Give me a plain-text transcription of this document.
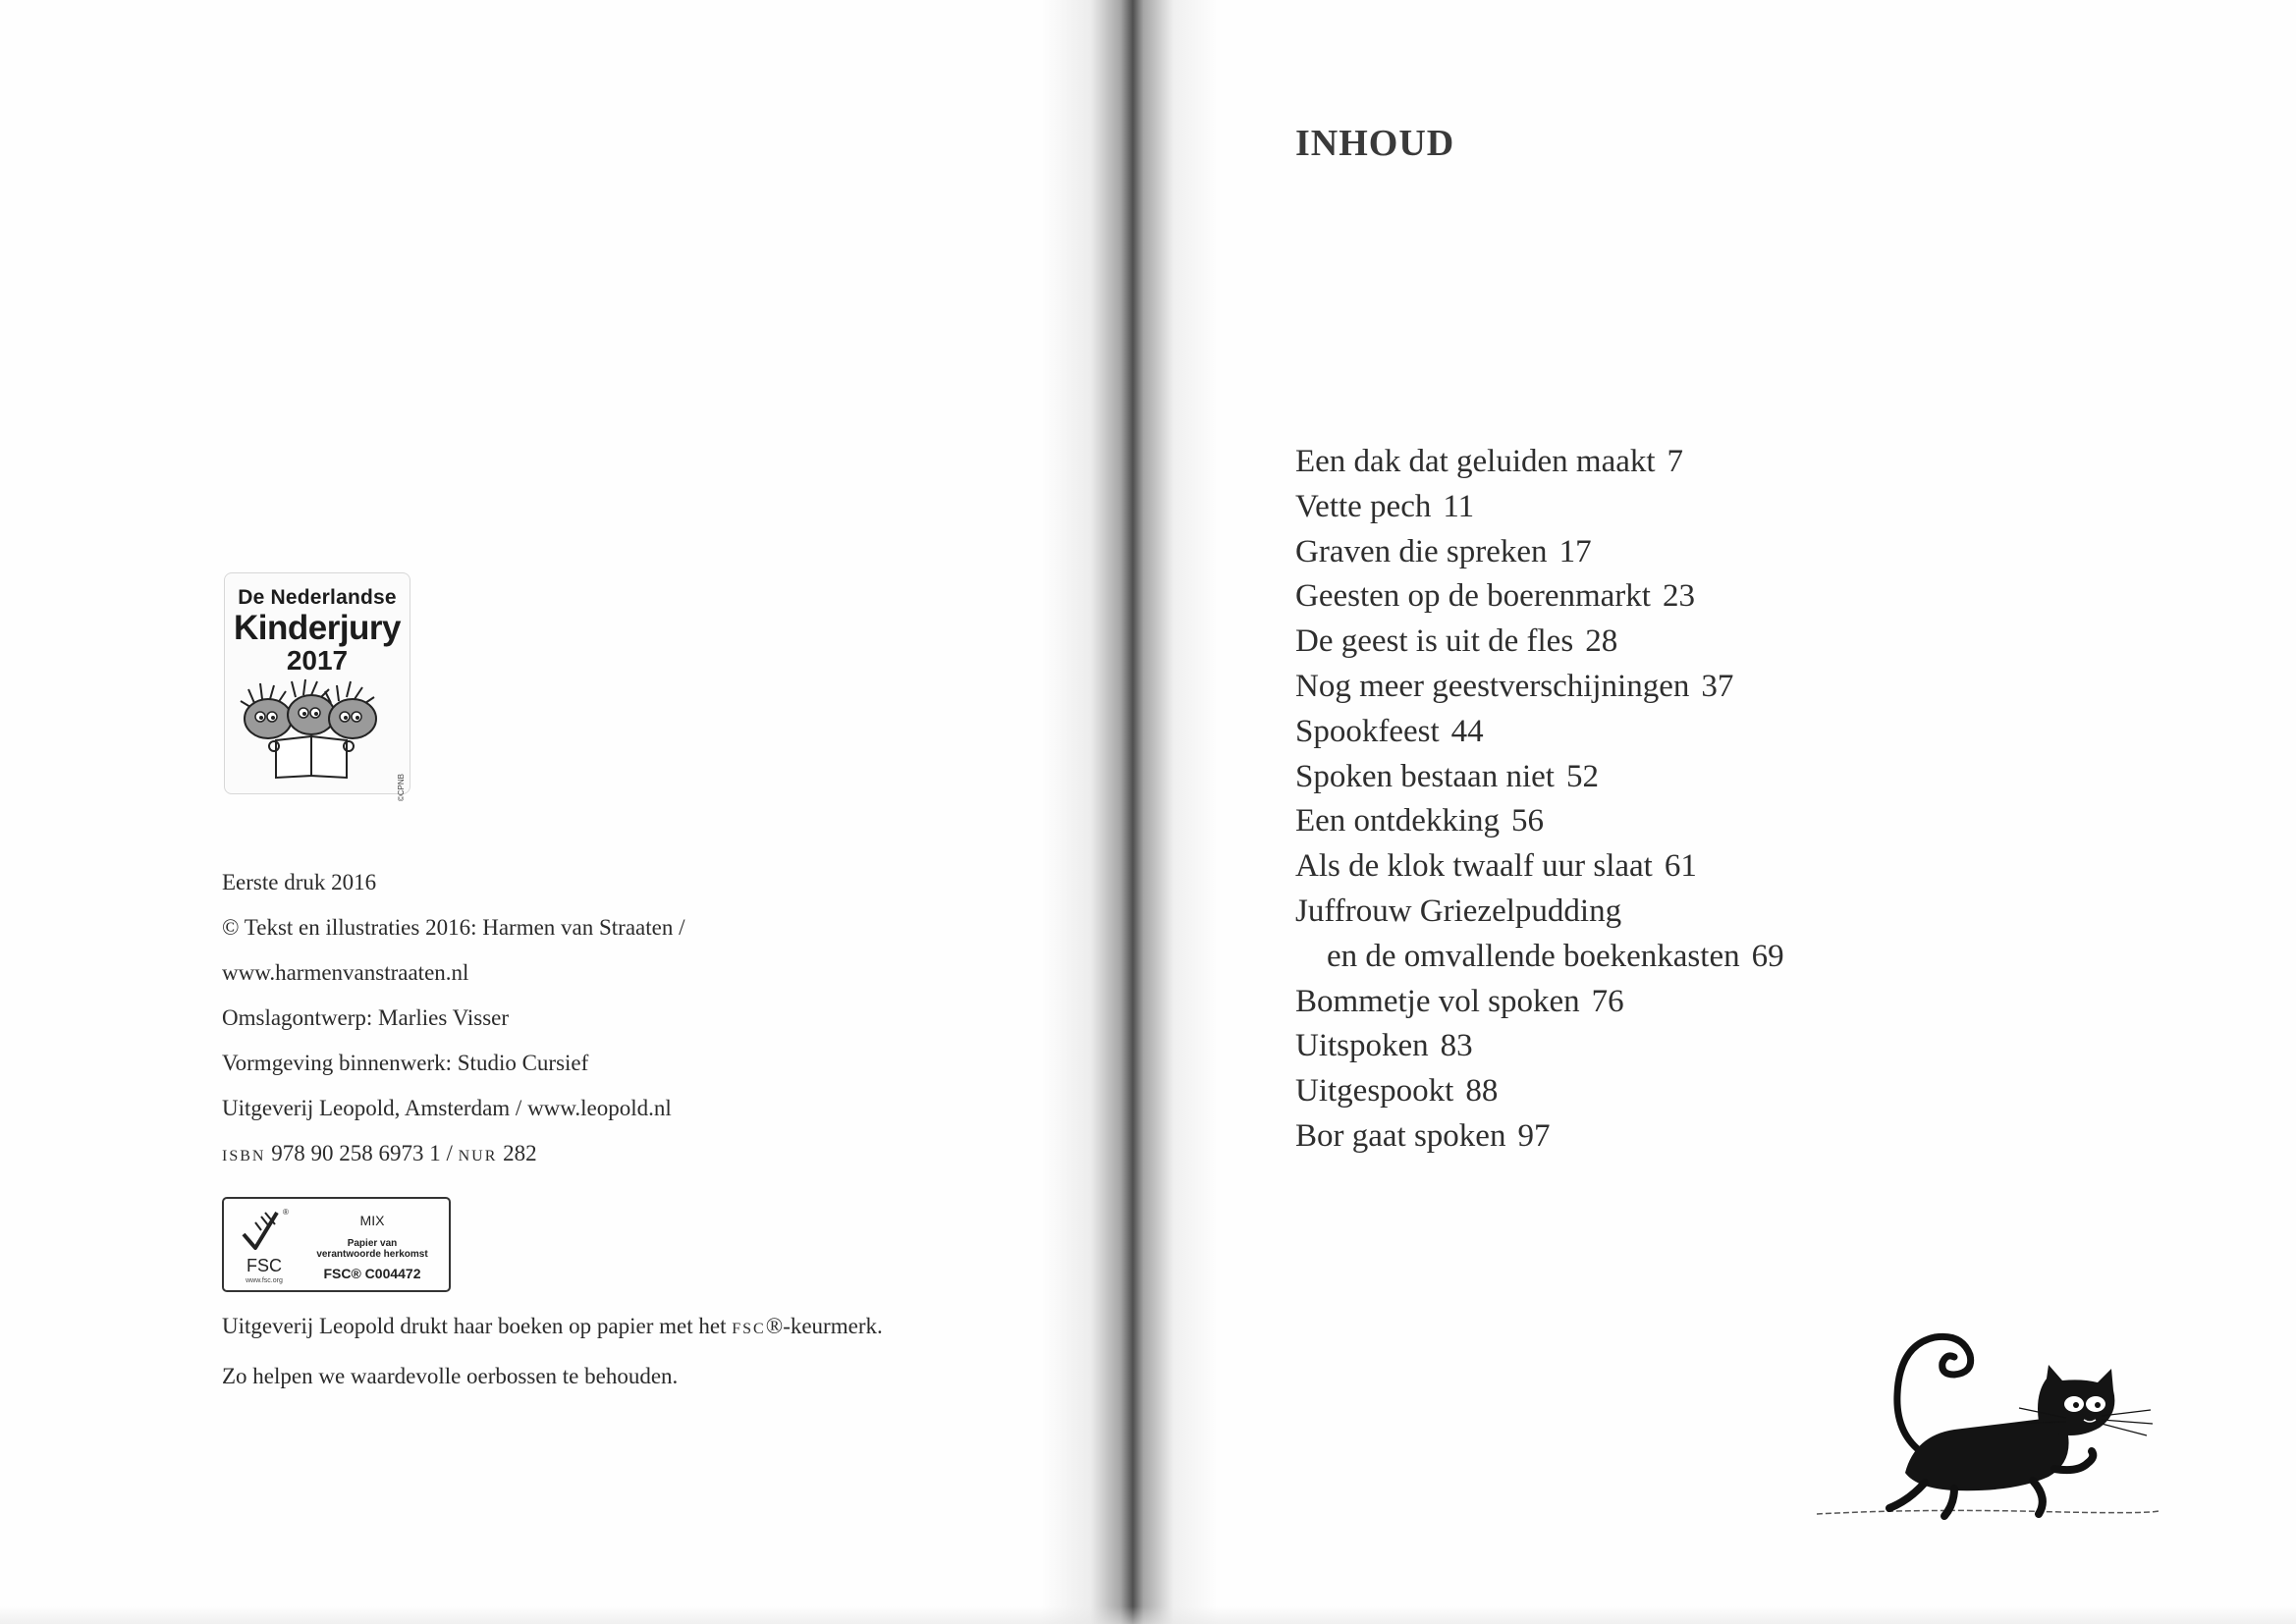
De Nederlandse
Kinderjury
2017
©CPNB
Eerste druk 2016
© Tekst en illustraties 2016: Harmen van Straaten /
www.harmenvanstraaten.nl
Omslagontwerp: Marlies Visser
Vormgeving binnenwerk: Studio Cursief
Uitgeverij Leopold, Amsterdam / www.leopold.nl
ISBN 978 90 258 6973 1 / NUR 282
®
FSC
www.fsc.org
MIX
Papier van
verantwoorde herkomst
FSC® C004472
Uitgeverij Leopold drukt haar boeken op papier met het FSC®-keurmerk.
Zo helpen we waardevolle oerbossen te behouden.
INHOUD
Een dak dat geluiden maakt 7
Vette pech 11
Graven die spreken 17
Geesten op de boerenmarkt 23
De geest is uit de fles 28
Nog meer geestverschijningen 37
Spookfeest 44
Spoken bestaan niet 52
Een ontdekking 56
Als de klok twaalf uur slaat 61
Juffrouw Griezelpudding
en de omvallende boekenkasten 69
Bommetje vol spoken 76
Uitspoken 83
Uitgespookt 88
Bor gaat spoken 97
